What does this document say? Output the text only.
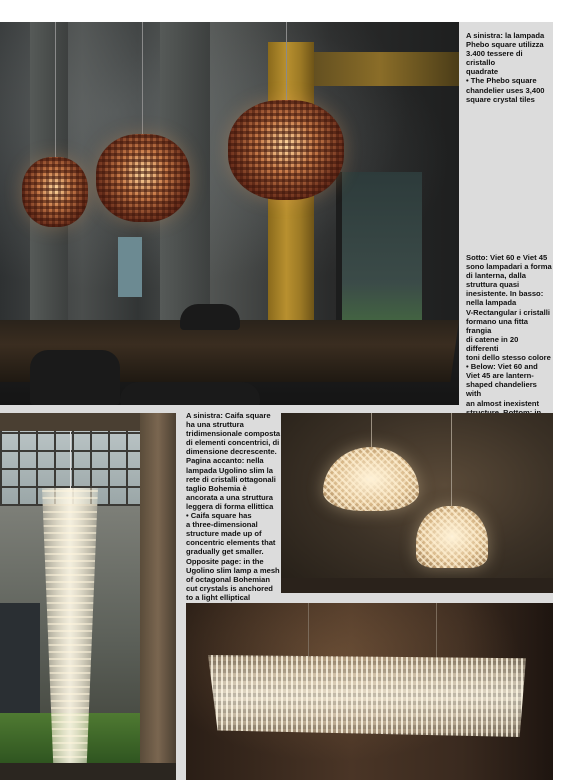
A sinistra: la lampada
Phebo square utilizza
3.400 tessere di cristallo
quadrate
• The Phebo square
chandelier uses 3,400
square crystal tiles
Sotto: Viet 60 e Viet 45
sono lampadari a forma
di lanterna, dalla
struttura quasi
inesistente. In basso:
nella lampada
V-Rectangular i cristalli
formano una fitta frangia
di catene in 20 differenti
toni dello stesso colore
• Below: Viet 60 and
Viet 45 are lantern-
shaped chandeliers with
an almost inexistent

A sinistra: Caifa square
ha una struttura
tridimensionale composta
di elementi concentrici, di
dimensione decrescente.
Pagina accanto: nella
lampada Ugolino slim la
rete di cristalli ottagonali
taglio Bohemia è
ancorata a una struttura
leggera di forma ellittica
• Caifa square has
a three-dimensional
structure made up of
concentric elements that
gradually get smaller.
Opposite page: in the
Ugolino slim lamp a mesh
of octagonal Bohemian
cut crystals is anchored
to a light elliptical
